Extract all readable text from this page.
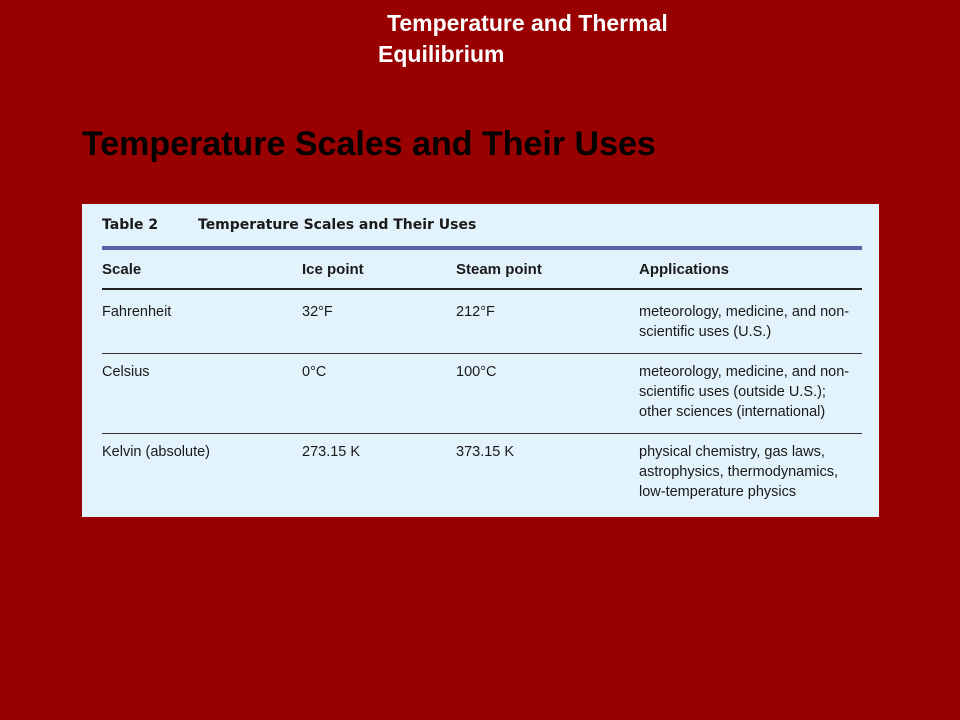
Temperature and Thermal
Equilibrium
Temperature Scales and Their Uses
Table 2	Temperature Scales and Their Uses
Scale	Ice point	Steam point	Applications
Fahrenheit	32°F	212°F	meteorology, medicine, and non-
scientific uses (U.S.)
Celsius	0°C	100°C	meteorology, medicine, and non-
scientific uses (outside U.S.);
other sciences (international)
Kelvin (absolute)	273.15 K	373.15 K	physical chemistry, gas laws,
astrophysics, thermodynamics,
low-temperature physics
